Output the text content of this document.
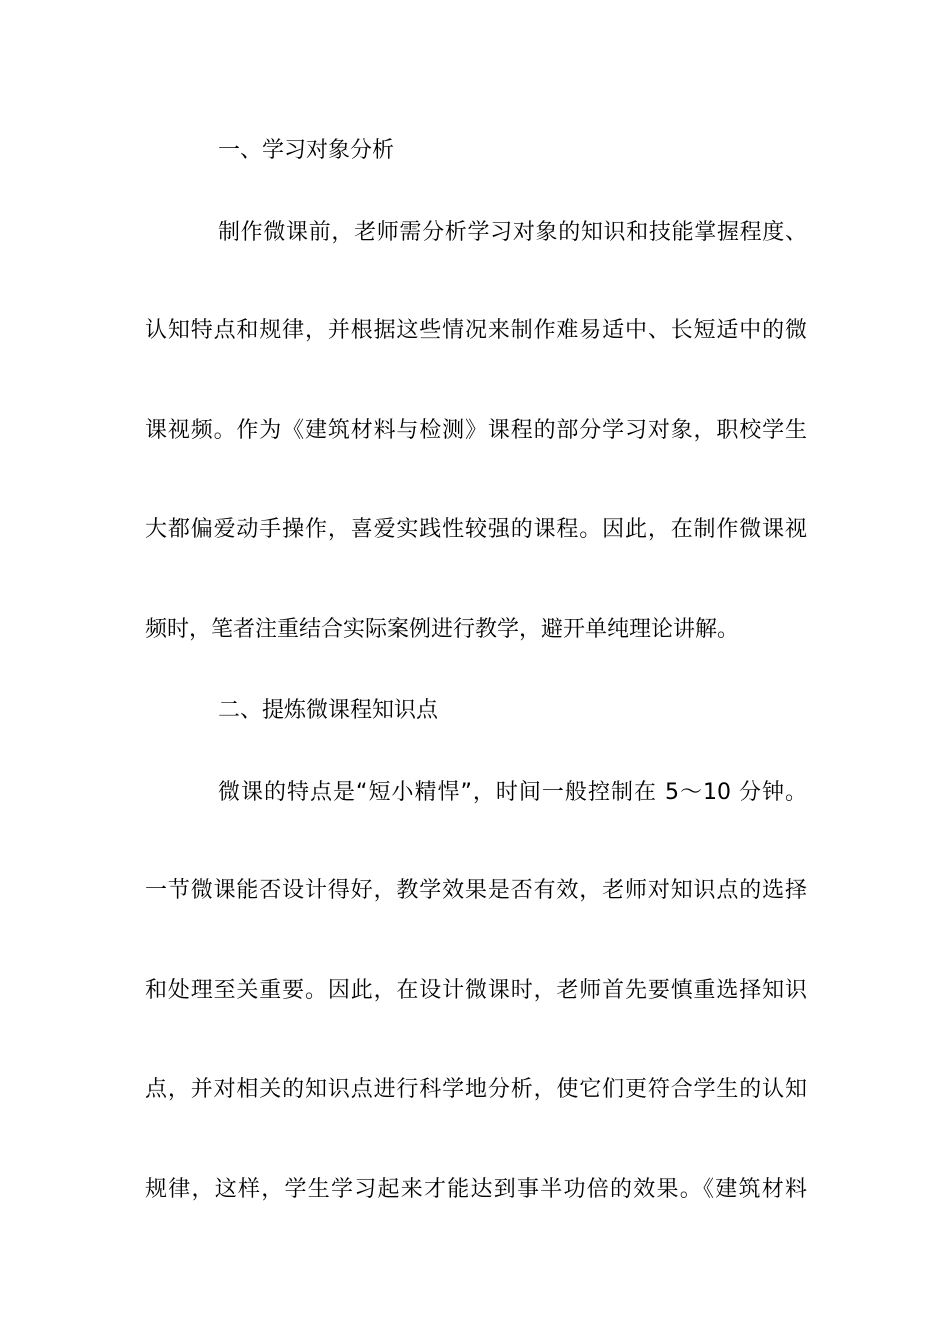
一、学习对象分析
制作微课前，老师需分析学习对象的知识和技能掌握程度、
认知特点和规律，并根据这些情况来制作难易适中、长短适中的微
课视频。作为《建筑材料与检测》课程的部分学习对象，职校学生
大都偏爱动手操作，喜爱实践性较强的课程。因此，在制作微课视
频时，笔者注重结合实际案例进行教学，避开单纯理论讲解。
二、提炼微课程知识点
微课的特点是“短小精悍”，时间一般控制在 5～10 分钟。
一节微课能否设计得好，教学效果是否有效，老师对知识点的选择
和处理至关重要。因此，在设计微课时，老师首先要慎重选择知识
点，并对相关的知识点进行科学地分析，使它们更符合学生的认知
规律，这样，学生学习起来才能达到事半功倍的效果。《建筑材料
